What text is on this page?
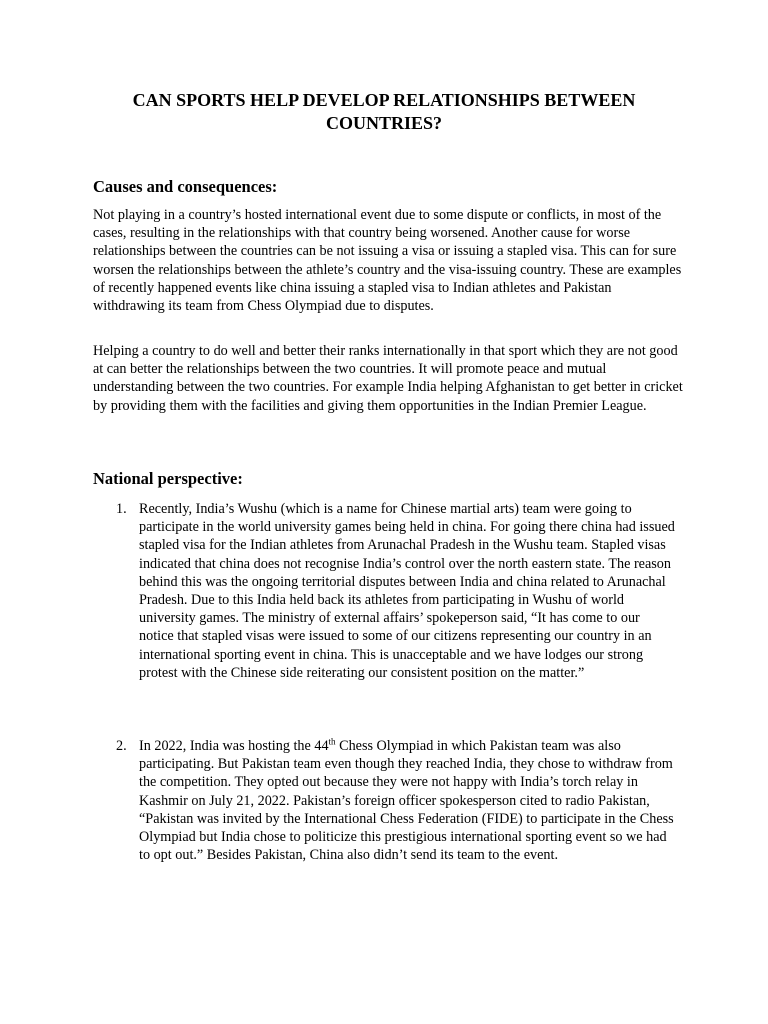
CAN SPORTS HELP DEVELOP RELATIONSHIPS BETWEEN COUNTRIES?
Causes and consequences:

Not playing in a country’s hosted international event due to some dispute or conflicts, in most of the cases, resulting in the relationships with that country being worsened. Another cause for worse relationships between the countries can be not issuing a visa or issuing a stapled visa. This can for sure worsen the relationships between the athlete’s country and the visa-issuing country. These are examples of recently happened events like china issuing a stapled visa to Indian athletes and Pakistan withdrawing its team from Chess Olympiad due to disputes.

Helping a country to do well and better their ranks internationally in that sport which they are not good at can better the relationships between the two countries. It will promote peace and mutual understanding between the two countries. For example India helping Afghanistan to get better in cricket by providing them with the facilities and giving them opportunities in the Indian Premier League.

National perspective:
1. Recently, India’s Wushu (which is a name for Chinese martial arts) team were going to participate in the world university games being held in china. For going there china had issued stapled visa for the Indian athletes from Arunachal Pradesh in the Wushu team. Stapled visas indicated that china does not recognise India’s control over the north eastern state. The reason behind this was the ongoing territorial disputes between India and china related to Arunachal Pradesh. Due to this India held back its athletes from participating in Wushu of world university games. The ministry of external affairs’ spokeperson said, “It has come to our notice that stapled visas were issued to some of our citizens representing our country in an international sporting event in china. This is unacceptable and we have lodges our strong protest with the Chinese side reiterating our consistent position on the matter.”
2. In 2022, India was hosting the 44th Chess Olympiad in which Pakistan team was also participating. But Pakistan team even though they reached India, they chose to withdraw from the competition. They opted out because they were not happy with India’s torch relay in Kashmir on July 21, 2022. Pakistan’s foreign officer spokesperson cited to radio Pakistan, “Pakistan was invited by the International Chess Federation (FIDE) to participate in the Chess Olympiad but India chose to politicize this prestigious international sporting event so we had to opt out.” Besides Pakistan, China also didn’t send its team to the event.
